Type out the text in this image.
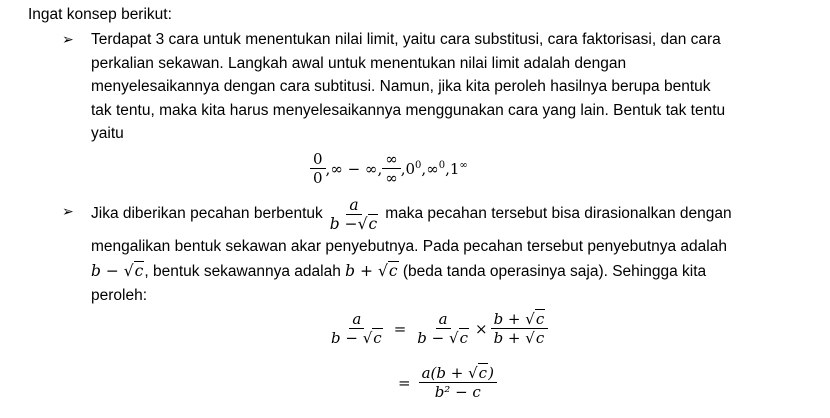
Ingat konsep berikut:
➢ Terdapat 3 cara untuk menentukan nilai limit, yaitu cara substitusi, cara faktorisasi, dan cara
perkalian sekawan. Langkah awal untuk menentukan nilai limit adalah dengan
menyelesaikannya dengan cara subtitusi. Namun, jika kita peroleh hasilnya berupa bentuk
tak tentu, maka kita harus menyelesaikannya menggunakan cara yang lain. Bentuk tak tentu
yaitu
$\frac{0}{0}$ , ∞ − ∞ , $\frac{\infty}{\infty}$ , $0^0$ , ∞$^0$ , 1∞
➢ Jika diberikan pecahan berbentuk $\frac{a}{b -√c}$ maka pecahan tersebut bisa dirasionalkan dengan
mengalikan bentuk sekawan akar penyebutnya. Pada pecahan tersebut penyebutnya adalah
b − √c, bentuk sekawannya adalah b + √c (beda tanda operasinya saja). Sehingga kita
peroleh:
$\frac{a}{b - √c} = \frac{a}{b - √c} \times \frac{b + √c}{b + √c}$
= $\frac{a(b + √c)}{\text{b² − c}}$
